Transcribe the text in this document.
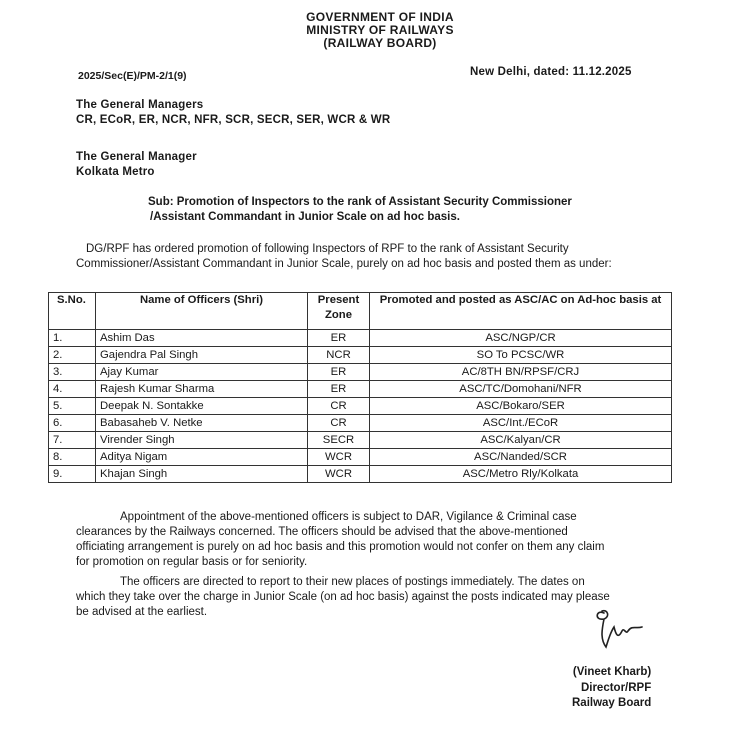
GOVERNMENT OF INDIA
MINISTRY OF RAILWAYS
(RAILWAY BOARD)
2025/Sec(E)/PM-2/1(9)	New Delhi, dated: 11.12.2025
The General Managers
CR, ECoR, ER, NCR, NFR, SCR, SECR, SER, WCR & WR
The General Manager
Kolkata Metro
Sub: Promotion of Inspectors to the rank of Assistant Security Commissioner
/Assistant Commandant in Junior Scale on ad hoc basis.
DG/RPF has ordered promotion of following Inspectors of RPF to the rank of Assistant Security
Commissioner/Assistant Commandant in Junior Scale, purely on ad hoc basis and posted them as under:
S.No.	Name of Officers (Shri)	Present Zone	Promoted and posted as ASC/AC on Ad-hoc basis at
1.	Ashim Das	ER	ASC/NGP/CR
2.	Gajendra Pal Singh	NCR	SO To PCSC/WR
3.	Ajay Kumar	ER	AC/8TH BN/RPSF/CRJ
4.	Rajesh Kumar Sharma	ER	ASC/TC/Domohani/NFR
5.	Deepak N. Sontakke	CR	ASC/Bokaro/SER
6.	Babasaheb V. Netke	CR	ASC/Int./ECoR
7.	Virender Singh	SECR	ASC/Kalyan/CR
8.	Aditya Nigam	WCR	ASC/Nanded/SCR
9.	Khajan Singh	WCR	ASC/Metro Rly/Kolkata
Appointment of the above-mentioned officers is subject to DAR, Vigilance & Criminal case
clearances by the Railways concerned. The officers should be advised that the above-mentioned
officiating arrangement is purely on ad hoc basis and this promotion would not confer on them any claim
for promotion on regular basis or for seniority.
The officers are directed to report to their new places of postings immediately. The dates on
which they take over the charge in Junior Scale (on ad hoc basis) against the posts indicated may please
be advised at the earliest.
(Vineet Kharb)
Director/RPF
Railway Board
